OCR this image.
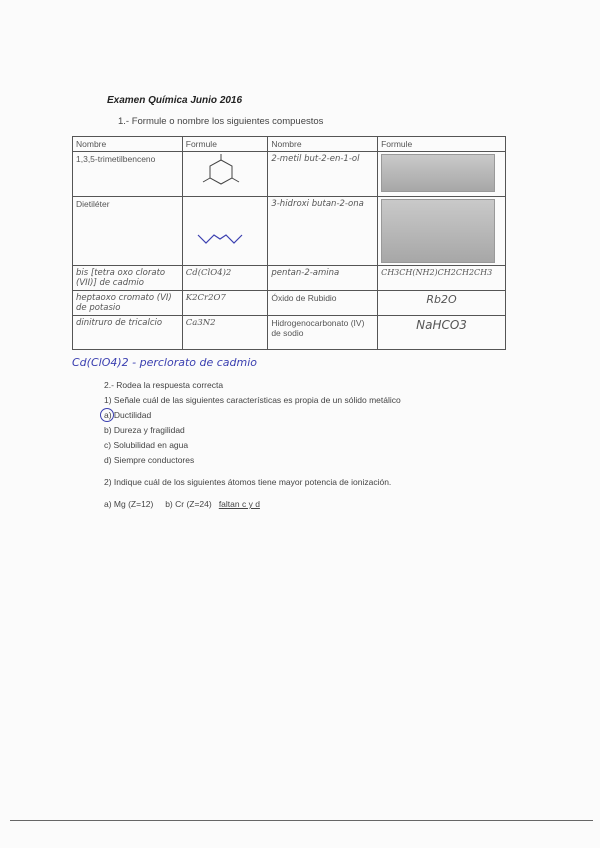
Examen Química Junio 2016
1.- Formule o nombre los siguientes compuestos
Nombre	Formule	Nombre	Formule
1,3,5-trimetilbenceno		2-metil but-2-en-1-ol	

Dietiléter		3-hidroxi butan-2-ona	

bis [tetra oxo clorato (VII)] de cadmio	Cd(ClO4)2	pentan-2-amina	CH3CH(NH2)CH2CH2CH3
heptaoxo cromato (VI) de potasio	K2Cr2O7	Óxido de Rubidio	Rb2O
dinitruro de tricalcio	Ca3N2	Hidrogenocarbonato (IV) de sodio	NaHCO3
Cd(ClO4)2 - perclorato de cadmio
2.- Rodea la respuesta correcta
1) Señale cuál de las siguientes características es propia de un sólido metálico
a) Ductilidad
b) Dureza y fragilidad
c) Solubilidad en agua
d) Siempre conductores
2) Indique cuál de los siguientes átomos tiene mayor potencia de ionización.
a) Mg (Z=12) b) Cr (Z=24) faltan c y d
